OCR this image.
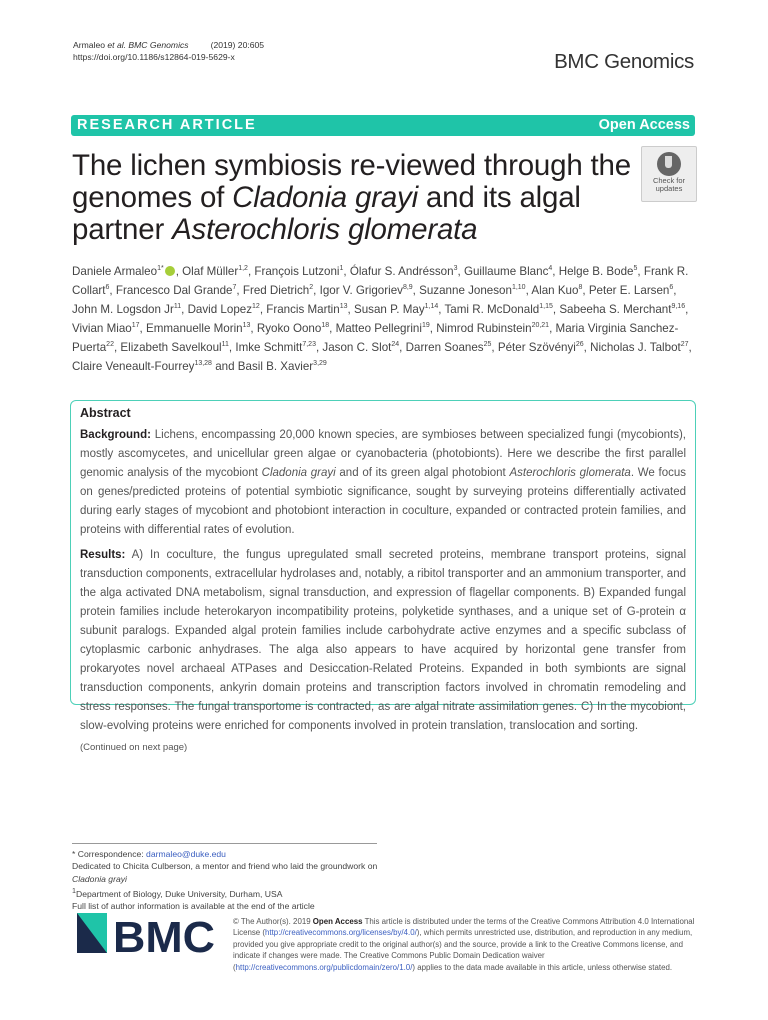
Armaleo et al. BMC Genomics	(2019) 20:605
https://doi.org/10.1186/s12864-019-5629-x	BMC Genomics
RESEARCH ARTICLE	Open Access
The lichen symbiosis re-viewed through the genomes of Cladonia grayi and its algal partner Asterochloris glomerata
Check for
updates
Daniele Armaleo$^{1*}$ , Olaf Müller$^{1,2}$, François Lutzoni$^1$, Ólafur S. Andrésson$^3$, Guillaume Blanc$^4$, Helge B. Bode$^5$, Frank R. Collart$^6$, Francesco Dal Grande$^7$, Fred Dietrich$^2$, Igor V. Grigoriev$^{8,9}$, Suzanne Joneson$^{1,10}$, Alan Kuo$^8$, Peter E. Larsen$^6$, John M. Logsdon Jr$^{11}$, David Lopez$^{12}$, Francis Martin$^{13}$, Susan P. May$^{1,14}$, Tami R. McDonald$^{1,15}$, Sabeeha S. Merchant$^{9,16}$, Vivian Miao$^{17}$, Emmanuelle Morin$^{13}$, Ryoko Oono$^{18}$, Matteo Pellegrini$^{19}$, Nimrod Rubinstein$^{20,21}$, Maria Virginia Sanchez-Puerta$^{22}$, Elizabeth Savelkoul$^{11}$, Imke Schmitt$^{7,23}$, Jason C. Slot$^{24}$, Darren Soanes$^{25}$, Péter Szövényi$^{26}$, Nicholas J. Talbot$^{27}$, Claire Veneault-Fourrey$^{13,28}$ and Basil B. Xavier$^{3,29}$
Abstract

Background: Lichens, encompassing 20,000 known species, are symbioses between specialized fungi (mycobionts), mostly ascomycetes, and unicellular green algae or cyanobacteria (photobionts). Here we describe the first parallel genomic analysis of the mycobiont Cladonia grayi and of its green algal photobiont Asterochloris glomerata. We focus on genes/predicted proteins of potential symbiotic significance, sought by surveying proteins differentially activated during early stages of mycobiont and photobiont interaction in coculture, expanded or contracted protein families, and proteins with differential rates of evolution.

Results: A) In coculture, the fungus upregulated small secreted proteins, membrane transport proteins, signal transduction components, extracellular hydrolases and, notably, a ribitol transporter and an ammonium transporter, and the alga activated DNA metabolism, signal transduction, and expression of flagellar components. B) Expanded fungal protein families include heterokaryon incompatibility proteins, polyketide synthases, and a unique set of G-protein α subunit paralogs. Expanded algal protein families include carbohydrate active enzymes and a specific subclass of cytoplasmic carbonic anhydrases. The alga also appears to have acquired by horizontal gene transfer from prokaryotes novel archaeal ATPases and Desiccation-Related Proteins. Expanded in both symbionts are signal transduction components, ankyrin domain proteins and transcription factors involved in chromatin remodeling and stress responses. The fungal transportome is contracted, as are algal nitrate assimilation genes. C) In the mycobiont, slow-evolving proteins were enriched for components involved in protein translation, translocation and sorting.

(Continued on next page)
* Correspondence: darmaleo@duke.edu
Dedicated to Chicita Culberson, a mentor and friend who laid the groundwork on Cladonia grayi
$^1$Department of Biology, Duke University, Durham, USA
Full list of author information is available at the end of the article
BMC © The Author(s). 2019 Open Access This article is distributed under the terms of the Creative Commons Attribution 4.0 International License (http://creativecommons.org/licenses/by/4.0/), which permits unrestricted use, distribution, and reproduction in any medium, provided you give appropriate credit to the original author(s) and the source, provide a link to the Creative Commons license, and indicate if changes were made. The Creative Commons Public Domain Dedication waiver (http://creativecommons.org/publicdomain/zero/1.0/) applies to the data made available in this article, unless otherwise stated.
